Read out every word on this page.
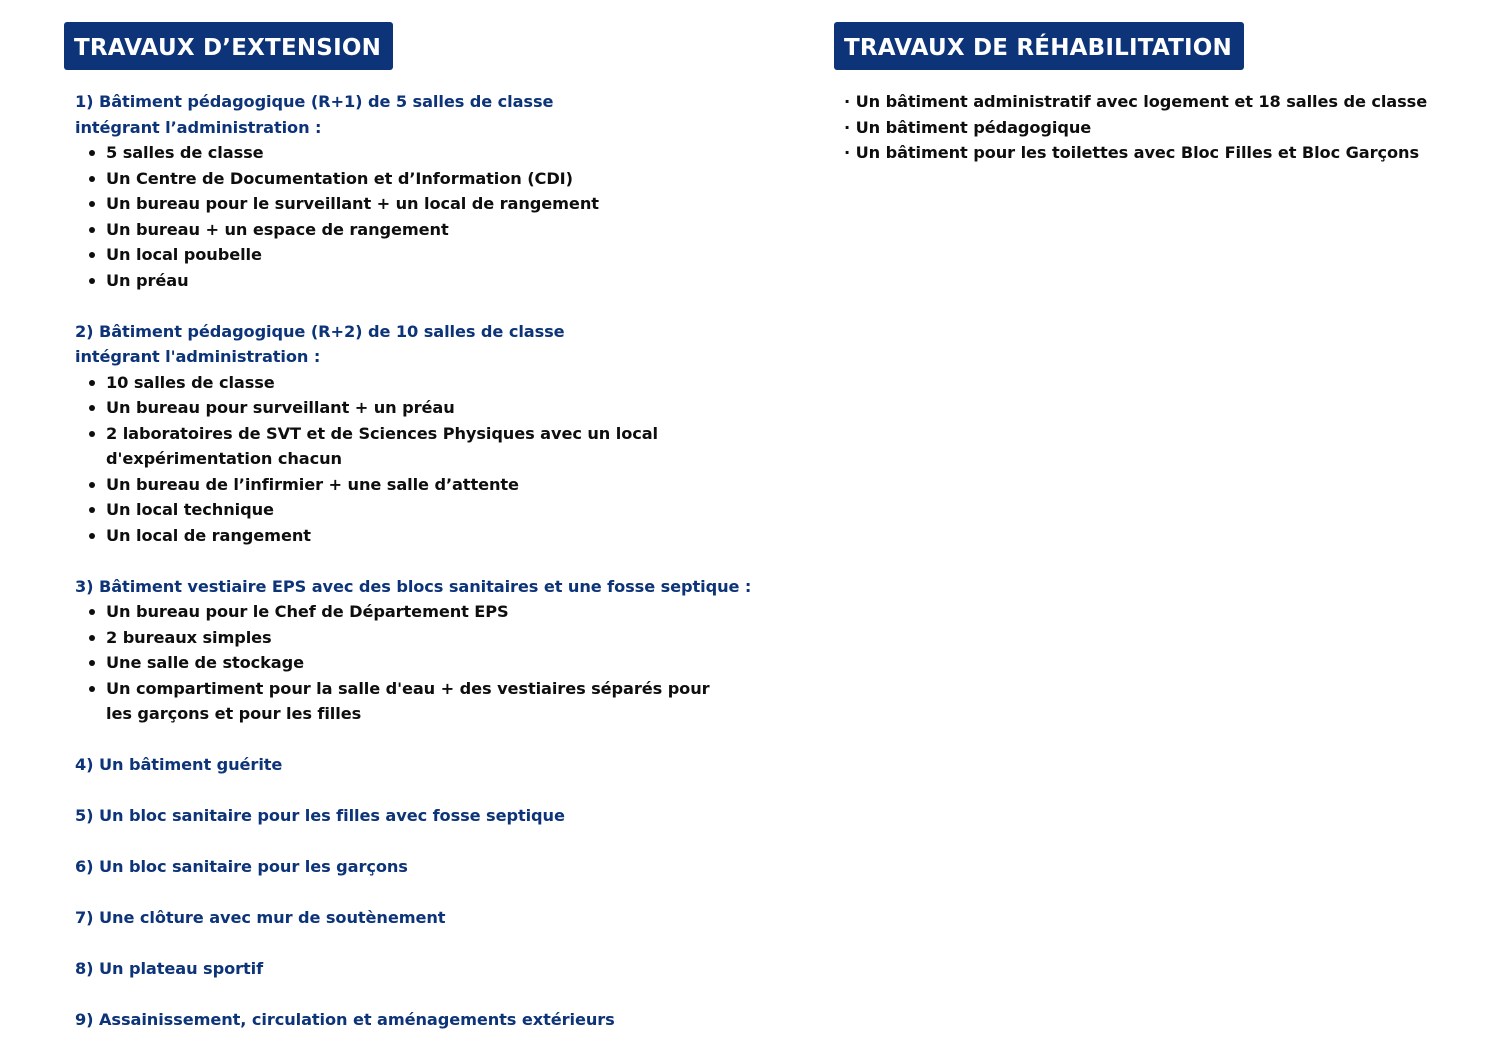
TRAVAUX D’EXTENSION
1) Bâtiment pédagogique (R+1) de 5 salles de classe intégrant l’administration :
5 salles de classe
Un Centre de Documentation et d’Information (CDI)
Un bureau pour le surveillant + un local de rangement
Un bureau + un espace de rangement
Un local poubelle
Un préau
2) Bâtiment pédagogique (R+2) de 10 salles de classe intégrant l'administration :
10 salles de classe
Un bureau pour surveillant + un préau
2 laboratoires de SVT et de Sciences Physiques avec un local d'expérimentation chacun
Un bureau de l’infirmier + une salle d’attente
Un local technique
Un local de rangement
3) Bâtiment vestiaire EPS avec des blocs sanitaires et une fosse septique :
Un bureau pour le Chef de Département EPS
2 bureaux simples
Une salle de stockage
Un compartiment pour la salle d'eau + des vestiaires séparés pour les garçons et pour les filles
4) Un bâtiment guérite
5) Un bloc sanitaire pour les filles avec fosse septique
6) Un bloc sanitaire pour les garçons
7) Une clôture avec mur de soutènement
8) Un plateau sportif
9) Assainissement, circulation et aménagements extérieurs
TRAVAUX DE RÉHABILITATION
· Un bâtiment administratif avec logement et 18 salles de classe
· Un bâtiment pédagogique
· Un bâtiment pour les toilettes avec Bloc Filles et Bloc Garçons
